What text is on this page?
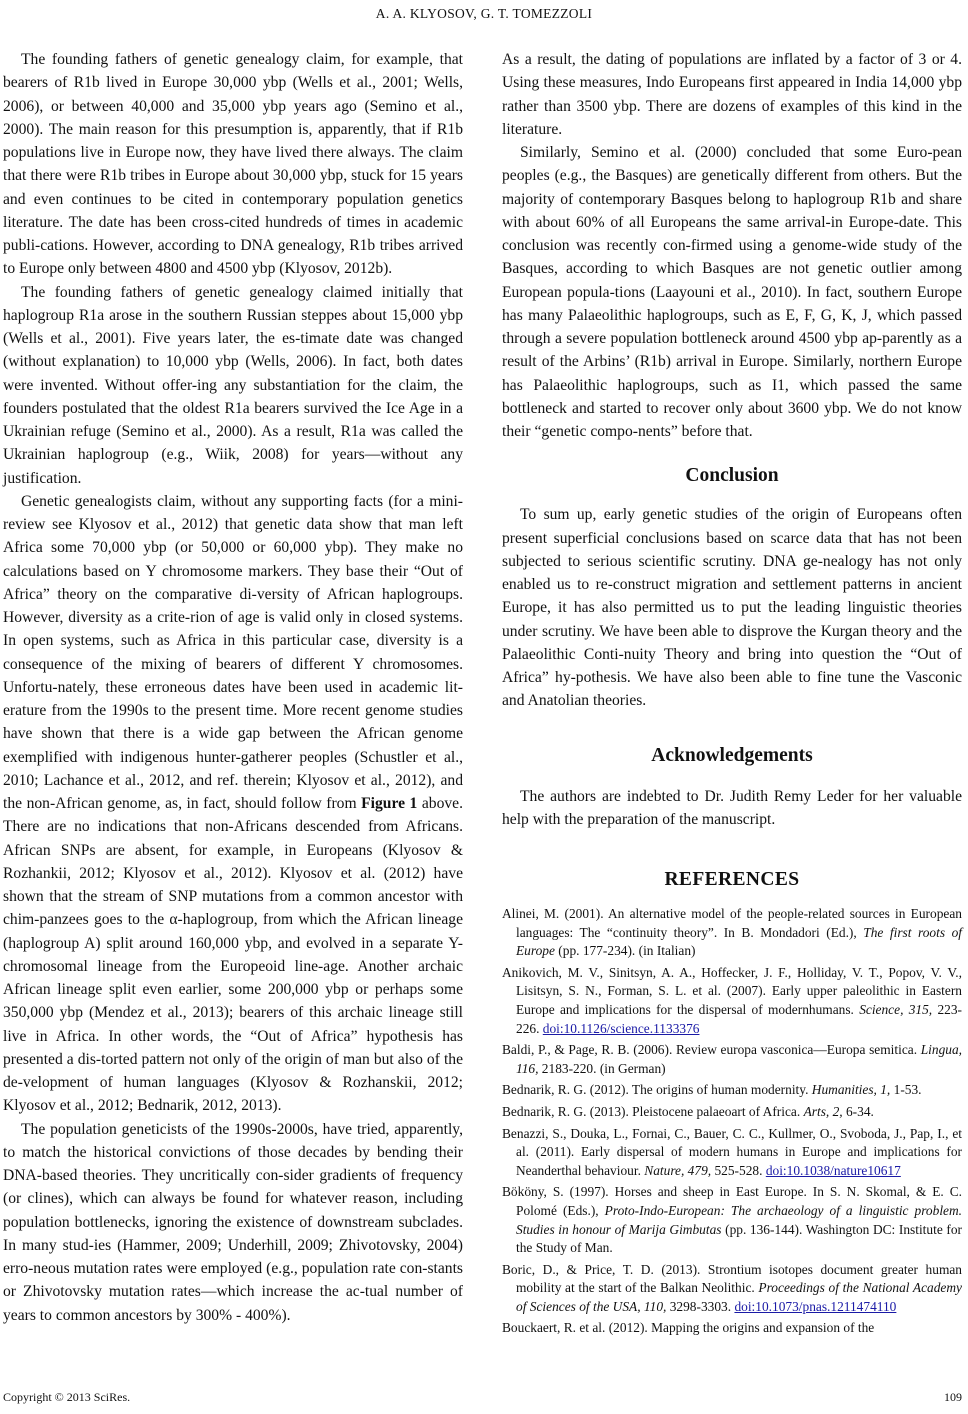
A. A. KLYOSOV, G. T. TOMEZZOLI

The founding fathers of genetic genealogy claim, for example, that bearers of R1b lived in Europe 30,000 ybp (Wells et al., 2001; Wells, 2006), or between 40,000 and 35,000 ybp years ago (Semino et al., 2000). The main reason for this presumption is, apparently, that if R1b populations live in Europe now, they have lived there always. The claim that there were R1b tribes in Europe about 30,000 ybp, stuck for 15 years and even continues to be cited in contemporary population genetics literature. The date has been cross-cited hundreds of times in academic publi-cations. However, according to DNA genealogy, R1b tribes arrived to Europe only between 4800 and 4500 ybp (Klyosov, 2012b).

The founding fathers of genetic genealogy claimed initially that haplogroup R1a arose in the southern Russian steppes about 15,000 ybp (Wells et al., 2001). Five years later, the es-timate date was changed (without explanation) to 10,000 ybp (Wells, 2006). In fact, both dates were invented. Without offer-ing any substantiation for the claim, the founders postulated that the oldest R1a bearers survived the Ice Age in a Ukrainian refuge (Semino et al., 2000). As a result, R1a was called the Ukrainian haplogroup (e.g., Wiik, 2008) for years—without any justification.

Genetic genealogists claim, without any supporting facts (for a mini-review see Klyosov et al., 2012) that genetic data show that man left Africa some 70,000 ybp (or 50,000 or 60,000 ybp). They make no calculations based on Y chromosome markers. They base their “Out of Africa” theory on the comparative di-versity of African haplogroups. However, diversity as a crite-rion of age is valid only in closed systems. In open systems, such as Africa in this particular case, diversity is a consequence of the mixing of bearers of different Y chromosomes. Unfortu-nately, these erroneous dates have been used in academic lit-erature from the 1990s to the present time. More recent genome studies have shown that there is a wide gap between the African genome exemplified with indigenous hunter-gatherer peoples (Schustler et al., 2010; Lachance et al., 2012, and ref. therein; Klyosov et al., 2012), and the non-African genome, as, in fact, should follow from Figure 1 above. There are no indications that non-Africans descended from Africans. African SNPs are absent, for example, in Europeans (Klyosov & Rozhankii, 2012; Klyosov et al., 2012). Klyosov et al. (2012) have shown that the stream of SNP mutations from a common ancestor with chim-panzees goes to the α-haplogroup, from which the African lineage (haplogroup A) split around 160,000 ybp, and evolved in a separate Y-chromosomal lineage from the Europeoid line-age. Another archaic African lineage split even earlier, some 200,000 ybp or perhaps some 350,000 ybp (Mendez et al., 2013); bearers of this archaic lineage still live in Africa. In other words, the “Out of Africa” hypothesis has presented a dis-torted pattern not only of the origin of man but also of the de-velopment of human languages (Klyosov & Rozhanskii, 2012; Klyosov et al., 2012; Bednarik, 2012, 2013).

The population geneticists of the 1990s-2000s, have tried, apparently, to match the historical convictions of those decades by bending their DNA-based theories. They uncritically con-sider gradients of frequency (or clines), which can always be found for whatever reason, including population bottlenecks, ignoring the existence of downstream subclades. In many stud-ies (Hammer, 2009; Underhill, 2009; Zhivotovsky, 2004) erro-neous mutation rates were employed (e.g., population rate con-stants or Zhivotovsky mutation rates—which increase the ac-tual number of years to common ancestors by 300% - 400%).

As a result, the dating of populations are inflated by a factor of 3 or 4. Using these measures, Indo Europeans first appeared in India 14,000 ybp rather than 3500 ybp. There are dozens of examples of this kind in the literature.

Similarly, Semino et al. (2000) concluded that some Euro-pean peoples (e.g., the Basques) are genetically different from others. But the majority of contemporary Basques belong to haplogroup R1b and share with about 60% of all Europeans the same arrival-in Europe-date. This conclusion was recently con-firmed using a genome-wide study of the Basques, according to which Basques are not genetic outlier among European popula-tions (Laayouni et al., 2010). In fact, southern Europe has many Palaeolithic haplogroups, such as E, F, G, K, J, which passed through a severe population bottleneck around 4500 ybp ap-parently as a result of the Arbins’ (R1b) arrival in Europe. Similarly, northern Europe has Palaeolithic haplogroups, such as I1, which passed the same bottleneck and started to recover only about 3600 ybp. We do not know their “genetic compo-nents” before that.

Conclusion

To sum up, early genetic studies of the origin of Europeans often present superficial conclusions based on scarce data that has not been subjected to serious scientific scrutiny. DNA ge-nealogy has not only enabled us to re-construct migration and settlement patterns in ancient Europe, it has also permitted us to put the leading linguistic theories under scrutiny. We have been able to disprove the Kurgan theory and the Palaeolithic Conti-nuity Theory and bring into question the “Out of Africa” hy-pothesis. We have also been able to fine tune the Vasconic and Anatolian theories.

Acknowledgements

The authors are indebted to Dr. Judith Remy Leder for her valuable help with the preparation of the manuscript.

REFERENCES

Alinei, M. (2001). An alternative model of the people-related sources in European languages: The “continuity theory”. In B. Mondadori (Ed.), The first roots of Europe (pp. 177-234). (in Italian)

Anikovich, M. V., Sinitsyn, A. A., Hoffecker, J. F., Holliday, V. T., Popov, V. V., Lisitsyn, S. N., Forman, S. L. et al. (2007). Early upper paleolithic in Eastern Europe and implications for the dispersal of modernhumans. Science, 315, 223-226. doi:10.1126/science.1133376

Baldi, P., & Page, R. B. (2006). Review europa vasconica—Europa semitica. Lingua, 116, 2183-220. (in German)

Bednarik, R. G. (2012). The origins of human modernity. Humanities, 1, 1-53.

Bednarik, R. G. (2013). Pleistocene palaeoart of Africa. Arts, 2, 6-34.

Benazzi, S., Douka, L., Fornai, C., Bauer, C. C., Kullmer, O., Svoboda, J., Pap, I., et al. (2011). Early dispersal of modern humans in Europe and implications for Neanderthal behaviour. Nature, 479, 525-528. doi:10.1038/nature10617

Bököny, S. (1997). Horses and sheep in East Europe. In S. N. Skomal, & E. C. Polomé (Eds.), Proto-Indo-European: The archaeology of a linguistic problem. Studies in honour of Marija Gimbutas (pp. 136-144). Washington DC: Institute for the Study of Man.

Boric, D., & Price, T. D. (2013). Strontium isotopes document greater human mobility at the start of the Balkan Neolithic. Proceedings of the National Academy of Sciences of the USA, 110, 3298-3303. doi:10.1073/pnas.1211474110

Bouckaert, R. et al. (2012). Mapping the origins and expansion of the

Copyright © 2013 SciRes.	109
